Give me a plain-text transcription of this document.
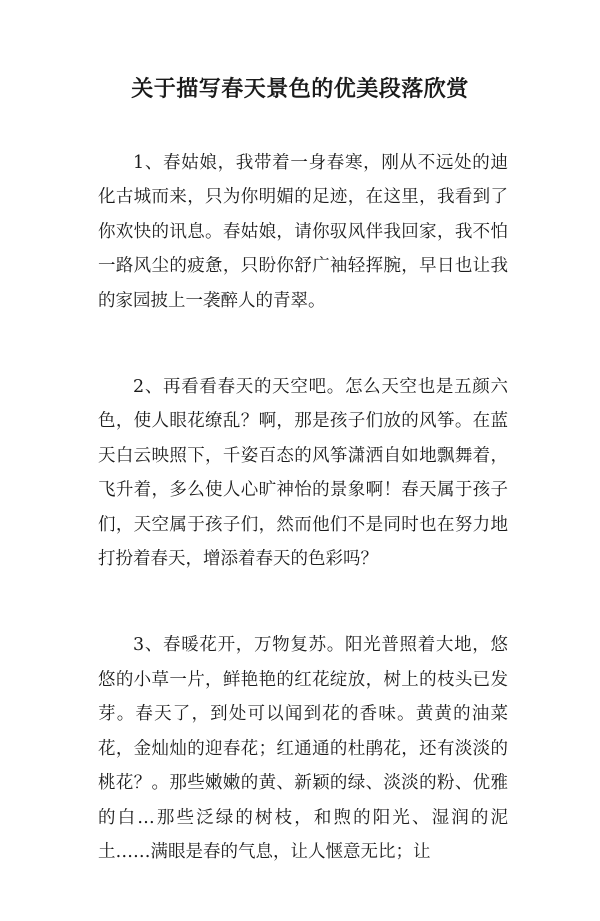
关于描写春天景色的优美段落欣赏

1、春姑娘，我带着一身春寒，刚从不远处的迪化古城而来，只为你明媚的足迹，在这里，我看到了你欢快的讯息。春姑娘，请你驭风伴我回家，我不怕一路风尘的疲惫，只盼你舒广袖轻挥腕，早日也让我的家园披上一袭醉人的青翠。

2、再看看春天的天空吧。怎么天空也是五颜六色，使人眼花缭乱？啊，那是孩子们放的风筝。在蓝天白云映照下，千姿百态的风筝潇洒自如地飘舞着，飞升着，多么使人心旷神怡的景象啊！春天属于孩子们，天空属于孩子们，然而他们不是同时也在努力地打扮着春天，增添着春天的色彩吗？

3、春暖花开，万物复苏。阳光普照着大地，悠悠的小草一片，鲜艳艳的红花绽放，树上的枝头已发芽。春天了，到处可以闻到花的香味。黄黄的油菜花，金灿灿的迎春花；红通通的杜鹃花，还有淡淡的桃花？。那些嫩嫩的黄、新颖的绿、淡淡的粉、优雅的白…那些泛绿的树枝，和煦的阳光、湿润的泥土……满眼是春的气息，让人惬意无比；让
